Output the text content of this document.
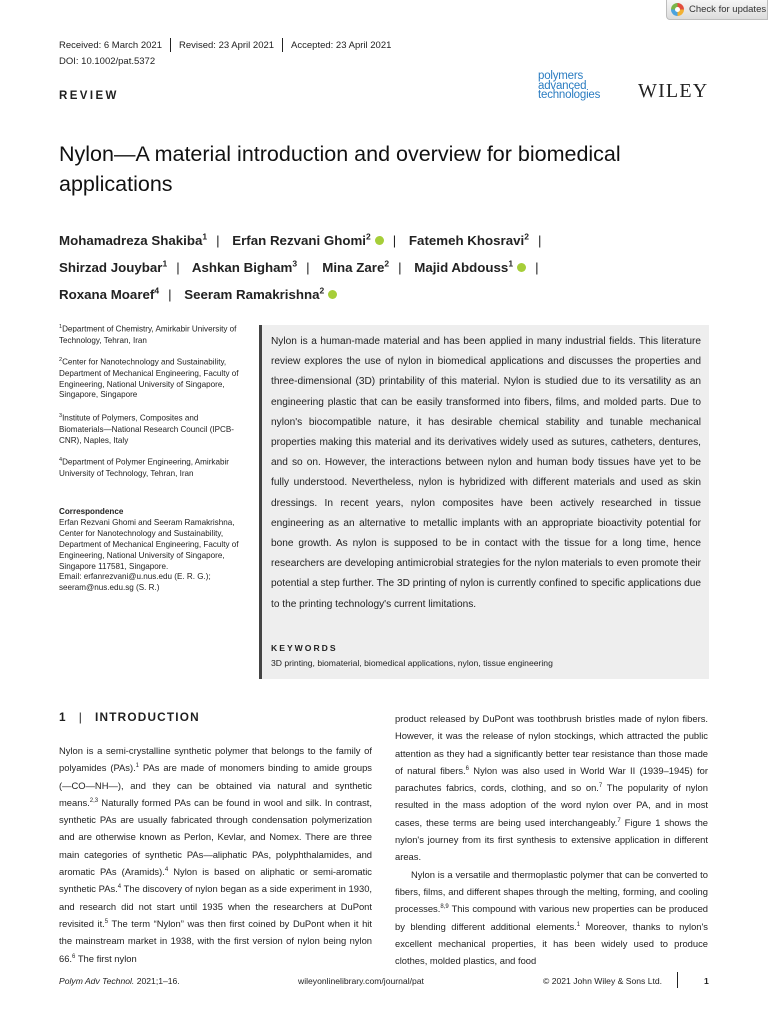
Check for updates
Received: 6 March 2021 Revised: 23 April 2021 Accepted: 23 April 2021
DOI: 10.1002/pat.5372
REVIEW
polymers
advanced
technologies	WILEY
Nylon—A material introduction and overview for biomedical applications
Mohamadreza Shakiba$^1$ | Erfan Rezvani Ghomi$^2$ | Fatemeh Khosravi$^2$ |
Shirzad Jouybar$^1$ | Ashkan Bigham$^3$ | Mina Zare$^2$ | Majid Abdouss$^1$ |
Roxana Moaref$^4$ | Seeram Ramakrishna$^2$
$^1$Department of Chemistry, Amirkabir University of Technology, Tehran, Iran
$^2$Center for Nanotechnology and Sustainability, Department of Mechanical Engineering, Faculty of Engineering, National University of Singapore, Singapore, Singapore
$^3$Institute of Polymers, Composites and Biomaterials—National Research Council (IPCB-CNR), Naples, Italy
$^4$Department of Polymer Engineering, Amirkabir University of Technology, Tehran, Iran
Correspondence
Erfan Rezvani Ghomi and Seeram Ramakrishna, Center for Nanotechnology and Sustainability, Department of Mechanical Engineering, Faculty of Engineering, National University of Singapore, Singapore 117581, Singapore.
Email: erfanrezvani@u.nus.edu (E. R. G.);
seeram@nus.edu.sg (S. R.)
Nylon is a human-made material and has been applied in many industrial fields. This literature review explores the use of nylon in biomedical applications and discusses the properties and three-dimensional (3D) printability of this material. Nylon is studied due to its versatility as an engineering plastic that can be easily transformed into fibers, films, and molded parts. Due to nylon's biocompatible nature, it has desirable chemical stability and tunable mechanical properties making this material and its derivatives widely used as sutures, catheters, dentures, and so on. However, the interactions between nylon and human body tissues have yet to be fully understood. Nevertheless, nylon is hybridized with different materials and used as skin dressings. In recent years, nylon composites have been actively researched in tissue engineering as an alternative to metallic implants with an appropriate bioactivity potential for bone growth. As nylon is supposed to be in contact with the tissue for a long time, hence researchers are developing antimicrobial strategies for the nylon materials to even promote their potential a step further. The 3D printing of nylon is currently confined to specific applications due to the printing technology's current limitations.
KEYWORDS
3D printing, biomaterial, biomedical applications, nylon, tissue engineering
1 | INTRODUCTION

Nylon is a semi-crystalline synthetic polymer that belongs to the family of polyamides (PAs).$^1$ PAs are made of monomers binding to amide groups (—CO—NH—), and they can be obtained via natural and synthetic means.$^{2,3}$ Naturally formed PAs can be found in wool and silk. In contrast, synthetic PAs are usually fabricated through condensation polymerization and are otherwise known as Perlon, Kevlar, and Nomex. There are three main categories of synthetic PAs—aliphatic PAs, polyphthalamides, and aromatic PAs (Aramids).$^4$ Nylon is based on aliphatic or semi-aromatic synthetic PAs.$^4$ The discovery of nylon began as a side experiment in 1930, and research did not start until 1935 when the researchers at DuPont revisited it.$^5$ The term “Nylon” was then first coined by DuPont when it hit the mainstream market in 1938, with the first version of nylon being nylon 66.$^6$ The first nylon

product released by DuPont was toothbrush bristles made of nylon fibers. However, it was the release of nylon stockings, which attracted the public attention as they had a significantly better tear resistance than those made of natural fibers.$^6$ Nylon was also used in World War II (1939–1945) for parachutes fabrics, cords, clothing, and so on.$^7$ The popularity of nylon resulted in the mass adoption of the word nylon over PA, and in most cases, these terms are being used interchangeably.$^7$ Figure 1 shows the nylon's journey from its first synthesis to extensive application in different areas.

Nylon is a versatile and thermoplastic polymer that can be converted to fibers, films, and different shapes through the melting, forming, and cooling processes.$^{8,9}$ This compound with various new properties can be produced by blending different additional elements.$^1$ Moreover, thanks to nylon's excellent mechanical properties, it has been widely used to produce clothes, molded plastics, and food

Polym Adv Technol. 2021;1–16.	wileyonlinelibrary.com/journal/pat	© 2021 John Wiley & Sons Ltd.	1
